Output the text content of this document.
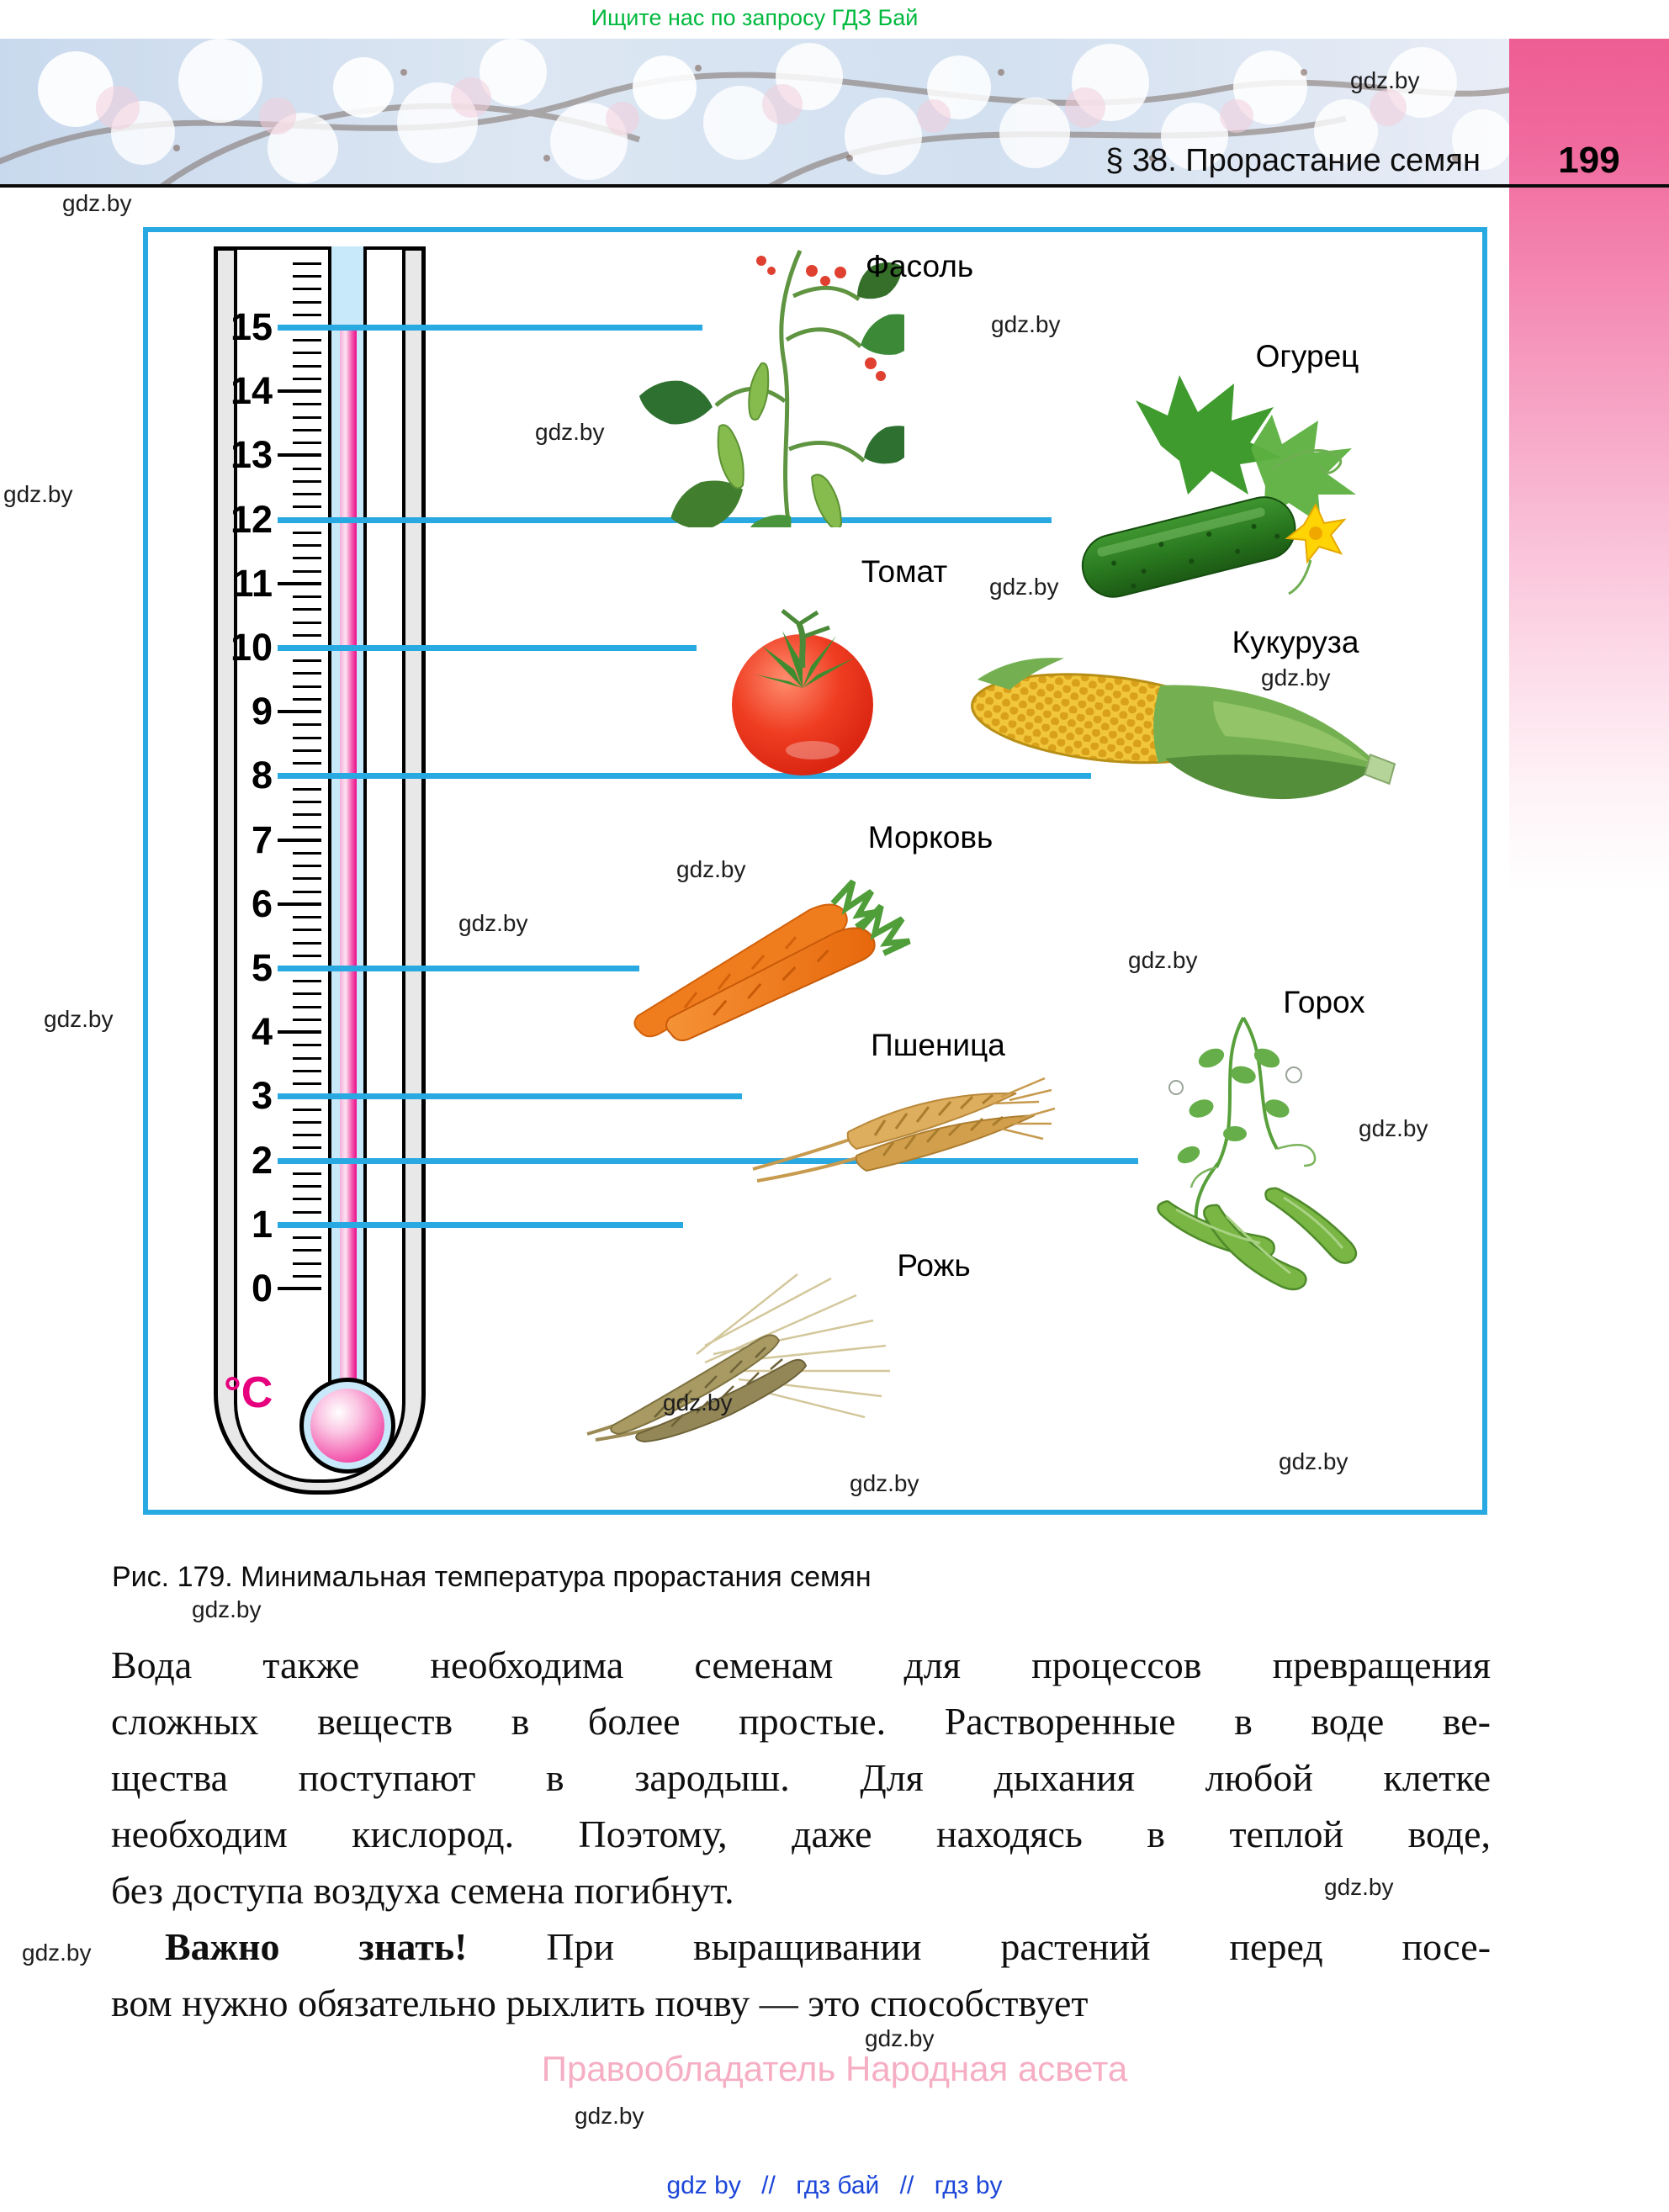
Ищите нас по запросу ГДЗ Бай
§ 38. Прорастание семян	199
°C
15
14
13
12
11
10
9
8
7
6
5
4
3
2
1
0
Фасоль
Огурец
Томат
Кукуруза
Морковь
Пшеница
Горох
Рожь
Рис. 179. Минимальная температура прорастания семян
Вода также необходима семенам для процессов превращения
сложных веществ в более простые. Растворенные в воде ве-
щества поступают в зародыш. Для дыхания любой клетке
необходим кислород. Поэтому, даже находясь в теплой воде,
без доступа воздуха семена погибнут.
Важно знать! При выращивании растений перед посе-
вом нужно обязательно рыхлить почву — это способствует
Правообладатель Народная асвета
gdz by // гдз бай // гдз by
gdz.by
gdz.by
gdz.by
gdz.by
gdz.by
gdz.by
gdz.by
gdz.by
gdz.by
gdz.by
gdz.by
gdz.by
gdz.by
gdz.by
gdz.by
gdz.by
gdz.by
gdz.by
gdz.by
gdz.by
